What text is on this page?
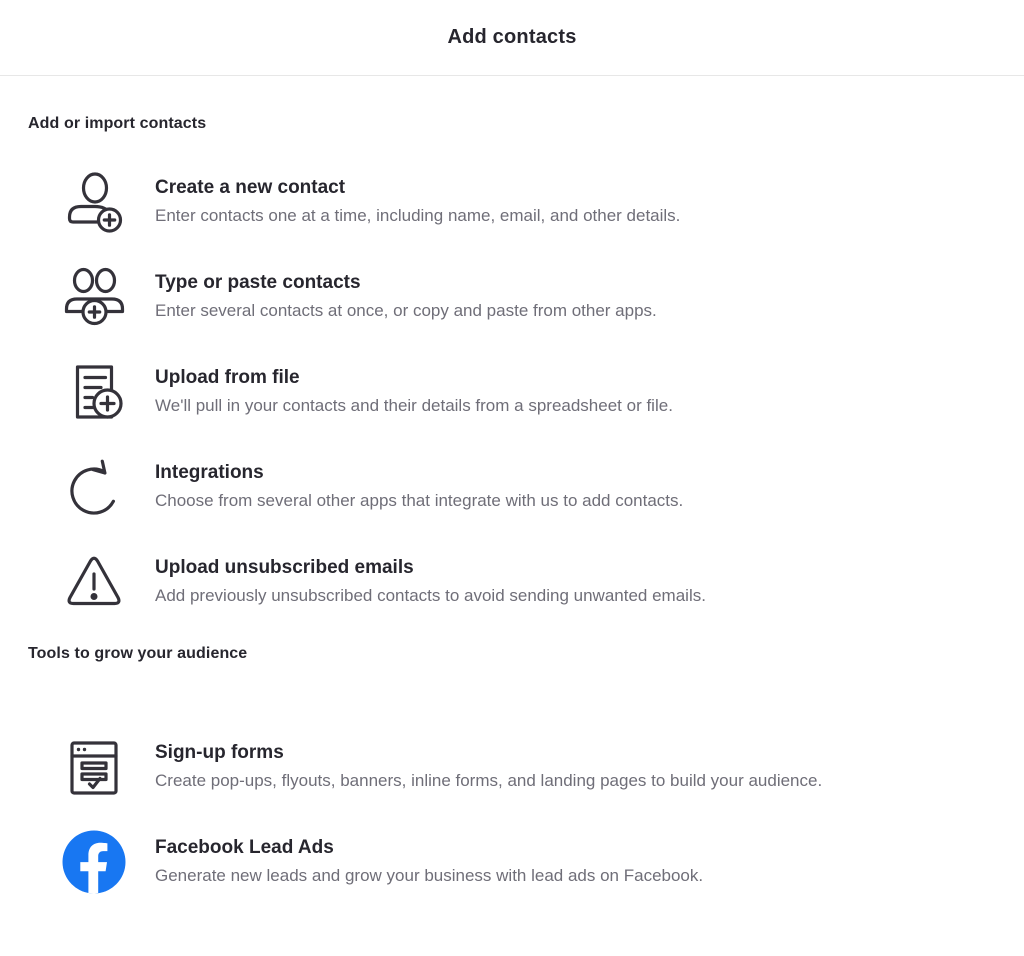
Add contacts
Add or import contacts
Create a new contact

Enter contacts one at a time, including name, email, and other details.

Type or paste contacts

Enter several contacts at once, or copy and paste from other apps.

Upload from file

We'll pull in your contacts and their details from a spreadsheet or file.

Integrations

Choose from several other apps that integrate with us to add contacts.

Upload unsubscribed emails

Add previously unsubscribed contacts to avoid sending unwanted emails.

Tools to grow your audience
Sign-up forms

Create pop-ups, flyouts, banners, inline forms, and landing pages to build your audience.

Facebook Lead Ads

Generate new leads and grow your business with lead ads on Facebook.
